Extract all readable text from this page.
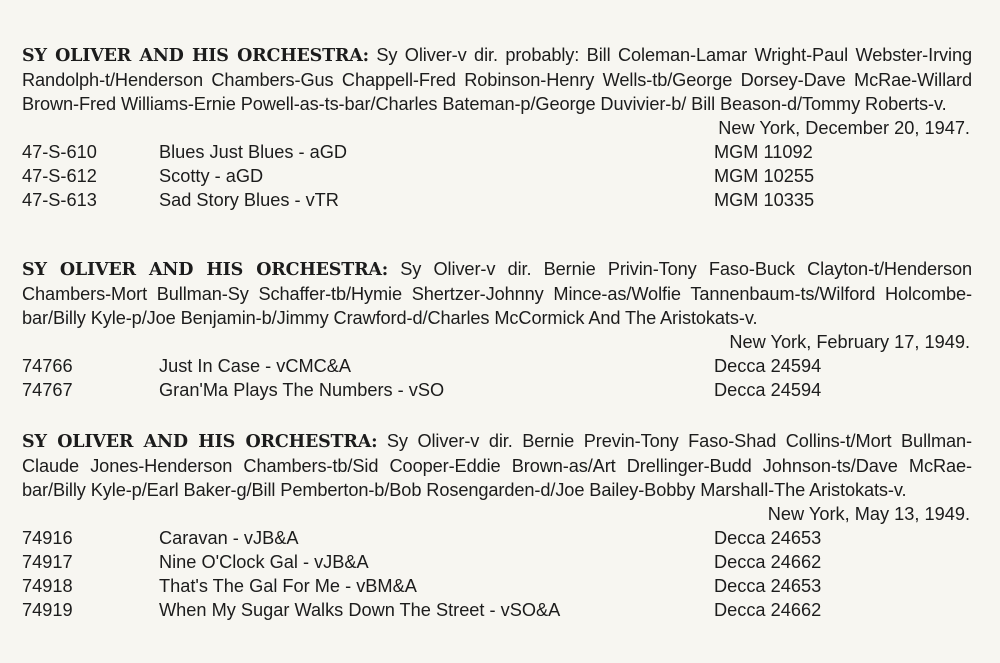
SY OLIVER AND HIS ORCHESTRA: Sy Oliver-v dir. probably: Bill Coleman-Lamar Wright-Paul Webster-Irving Randolph-t/Henderson Chambers-Gus Chappell-Fred Robinson-Henry Wells-tb/George Dorsey-Dave McRae-Willard Brown-Fred Williams-Ernie Powell-as-ts-bar/Charles Bateman-p/George Duvivier-b/ Bill Beason-d/Tommy Roberts-v.

New York, December 20, 1947.
47-S-610	Blues Just Blues - aGD	MGM 11092
47-S-612	Scotty - aGD	MGM 10255
47-S-613	Sad Story Blues - vTR	MGM 10335

SY OLIVER AND HIS ORCHESTRA: Sy Oliver-v dir. Bernie Privin-Tony Faso-Buck Clayton-t/Henderson Chambers-Mort Bullman-Sy Schaffer-tb/Hymie Shertzer-Johnny Mince-as/Wolfie Tannenbaum-ts/Wilford Holcombe-bar/Billy Kyle-p/Joe Benjamin-b/Jimmy Crawford-d/Charles McCormick And The Aristokats-v.

New York, February 17, 1949.
74766	Just In Case - vCMC&A	Decca 24594
74767	Gran'Ma Plays The Numbers - vSO	Decca 24594

SY OLIVER AND HIS ORCHESTRA: Sy Oliver-v dir. Bernie Previn-Tony Faso-Shad Collins-t/Mort Bullman-Claude Jones-Henderson Chambers-tb/Sid Cooper-Eddie Brown-as/Art Drellinger-Budd Johnson-ts/Dave McRae-bar/Billy Kyle-p/Earl Baker-g/Bill Pemberton-b/Bob Rosengarden-d/Joe Bailey-Bobby Marshall-The Aristokats-v.

New York, May 13, 1949.
74916	Caravan - vJB&A	Decca 24653
74917	Nine O'Clock Gal - vJB&A	Decca 24662
74918	That's The Gal For Me - vBM&A	Decca 24653
74919	When My Sugar Walks Down The Street - vSO&A	Decca 24662
